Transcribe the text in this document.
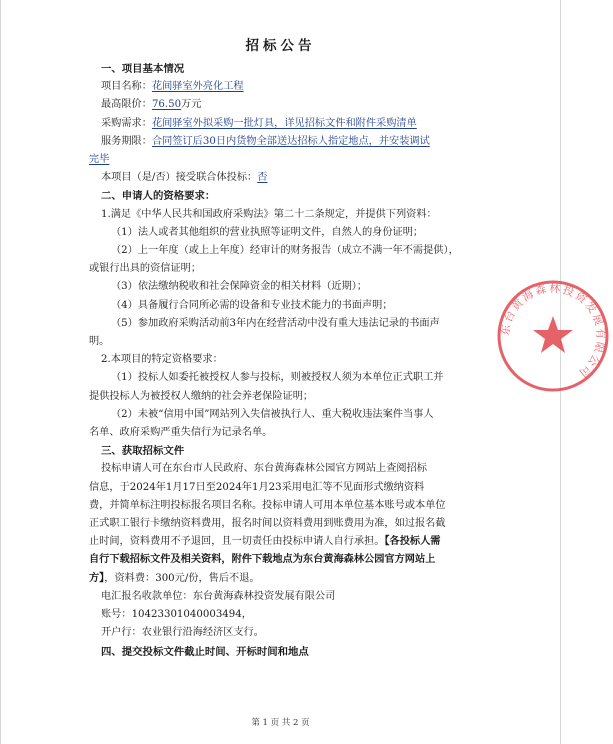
招标公告
一、项目基本情况
项目名称：花间驿室外亮化工程
最高限价：76.50万元
采购需求：花间驿室外拟采购一批灯具，详见招标文件和附件采购清单
服务期限：合同签订后30日内货物全部送达招标人指定地点，并安装调试
完毕
本项目（是/否）接受联合体投标：否
二、申请人的资格要求：
1.满足《中华人民共和国政府采购法》第二十二条规定，并提供下列资料：
（1）法人或者其他组织的营业执照等证明文件，自然人的身份证明；
（2）上一年度（或上上年度）经审计的财务报告（成立不满一年不需提供），
或银行出具的资信证明；
（3）依法缴纳税收和社会保障资金的相关材料（近期）；
（4）具备履行合同所必需的设备和专业技术能力的书面声明；
（5）参加政府采购活动前3年内在经营活动中没有重大违法记录的书面声
明。
2.本项目的特定资格要求：
（1）投标人如委托被授权人参与投标，则被授权人须为本单位正式职工并
提供投标人为被授权人缴纳的社会养老保险证明；
（2）未被“信用中国”网站列入失信被执行人、重大税收违法案件当事人
名单、政府采购严重失信行为记录名单。
三、获取招标文件
投标申请人可在东台市人民政府、东台黄海森林公园官方网站上查阅招标
信息，于2024年1月17日至2024年1月23采用电汇等不见面形式缴纳资料
费，并简单标注明投标报名项目名称。投标申请人可用本单位基本账号或本单位
正式职工银行卡缴纳资料费用，报名时间以资料费用到账费用为准，如过报名截
止时间，资料费用不予退回，且一切责任由投标申请人自行承担。【各投标人需
自行下载招标文件及相关资料，附件下载地点为东台黄海森林公园官方网站上
方】，资料费：300元/份，售后不退。
电汇报名收款单位：东台黄海森林投资发展有限公司
账号：10423301040003494，
开户行：农业银行沿海经济区支行。
四、提交投标文件截止时间、开标时间和地点
东台黄海森林投资发展有限公司
第 1 页 共 2 页
